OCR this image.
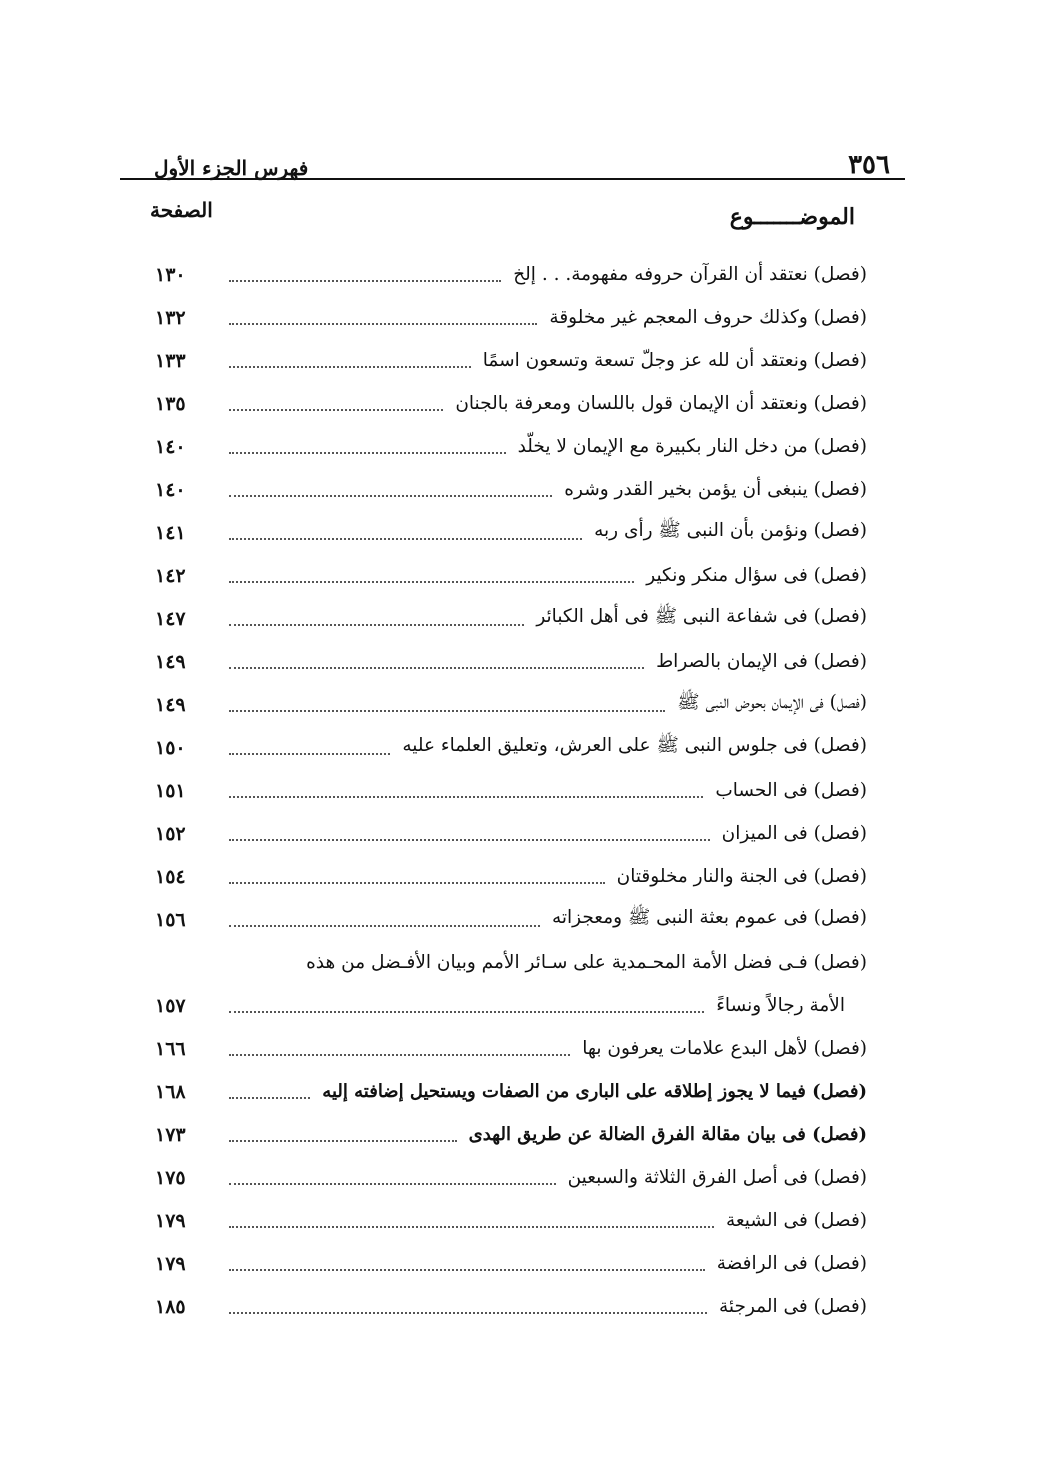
٣٥٦
فهرس الجزء الأول
الموضـــــــوع
الصفحة
(فصل) نعتقد أن القرآن حروفه مفهومة. . . إلخ
١٣٠
(فصل) وكذلك حروف المعجم غير مخلوقة
١٣٢
(فصل) ونعتقد أن لله عز وجلّ تسعة وتسعون اسمًا
١٣٣
(فصل) ونعتقد أن الإيمان قول باللسان ومعرفة بالجنان
١٣٥
(فصل) من دخل النار بكبيرة مع الإيمان لا يخلّد
١٤٠
(فصل) ينبغى أن يؤمن بخير القدر وشره
١٤٠
(فصل) ونؤمن بأن النبى ﷺ رأى ربه
١٤١
(فصل) فى سؤال منكر ونكير
١٤٢
(فصل) فى شفاعة النبى ﷺ فى أهل الكبائر
١٤٧
(فصل) فى الإيمان بالصراط
١٤٩
(فصل) فى الإيمان بحوض النبى ﷺ
١٤٩
(فصل) فى جلوس النبى ﷺ على العرش، وتعليق العلماء عليه
١٥٠
(فصل) فى الحساب
١٥١
(فصل) فى الميزان
١٥٢
(فصل) فى الجنة والنار مخلوقتان
١٥٤
(فصل) فى عموم بعثة النبى ﷺ ومعجزاته
١٥٦
(فصل) فـى فضل الأمة المحـمدية على سـائر الأمم وبيان الأفـضل من هذه
الأمة رجالاً ونساءً
١٥٧
(فصل) لأهل البدع علامات يعرفون بها
١٦٦
(فصل) فيما لا يجوز إطلاقه على البارى من الصفات ويستحيل إضافته إليه
١٦٨
(فصل) فى بيان مقالة الفرق الضالة عن طريق الهدى
١٧٣
(فصل) فى أصل الفرق الثلاثة والسبعين
١٧٥
(فصل) فى الشيعة
١٧٩
(فصل) فى الرافضة
١٧٩
(فصل) فى المرجئة
١٨٥
